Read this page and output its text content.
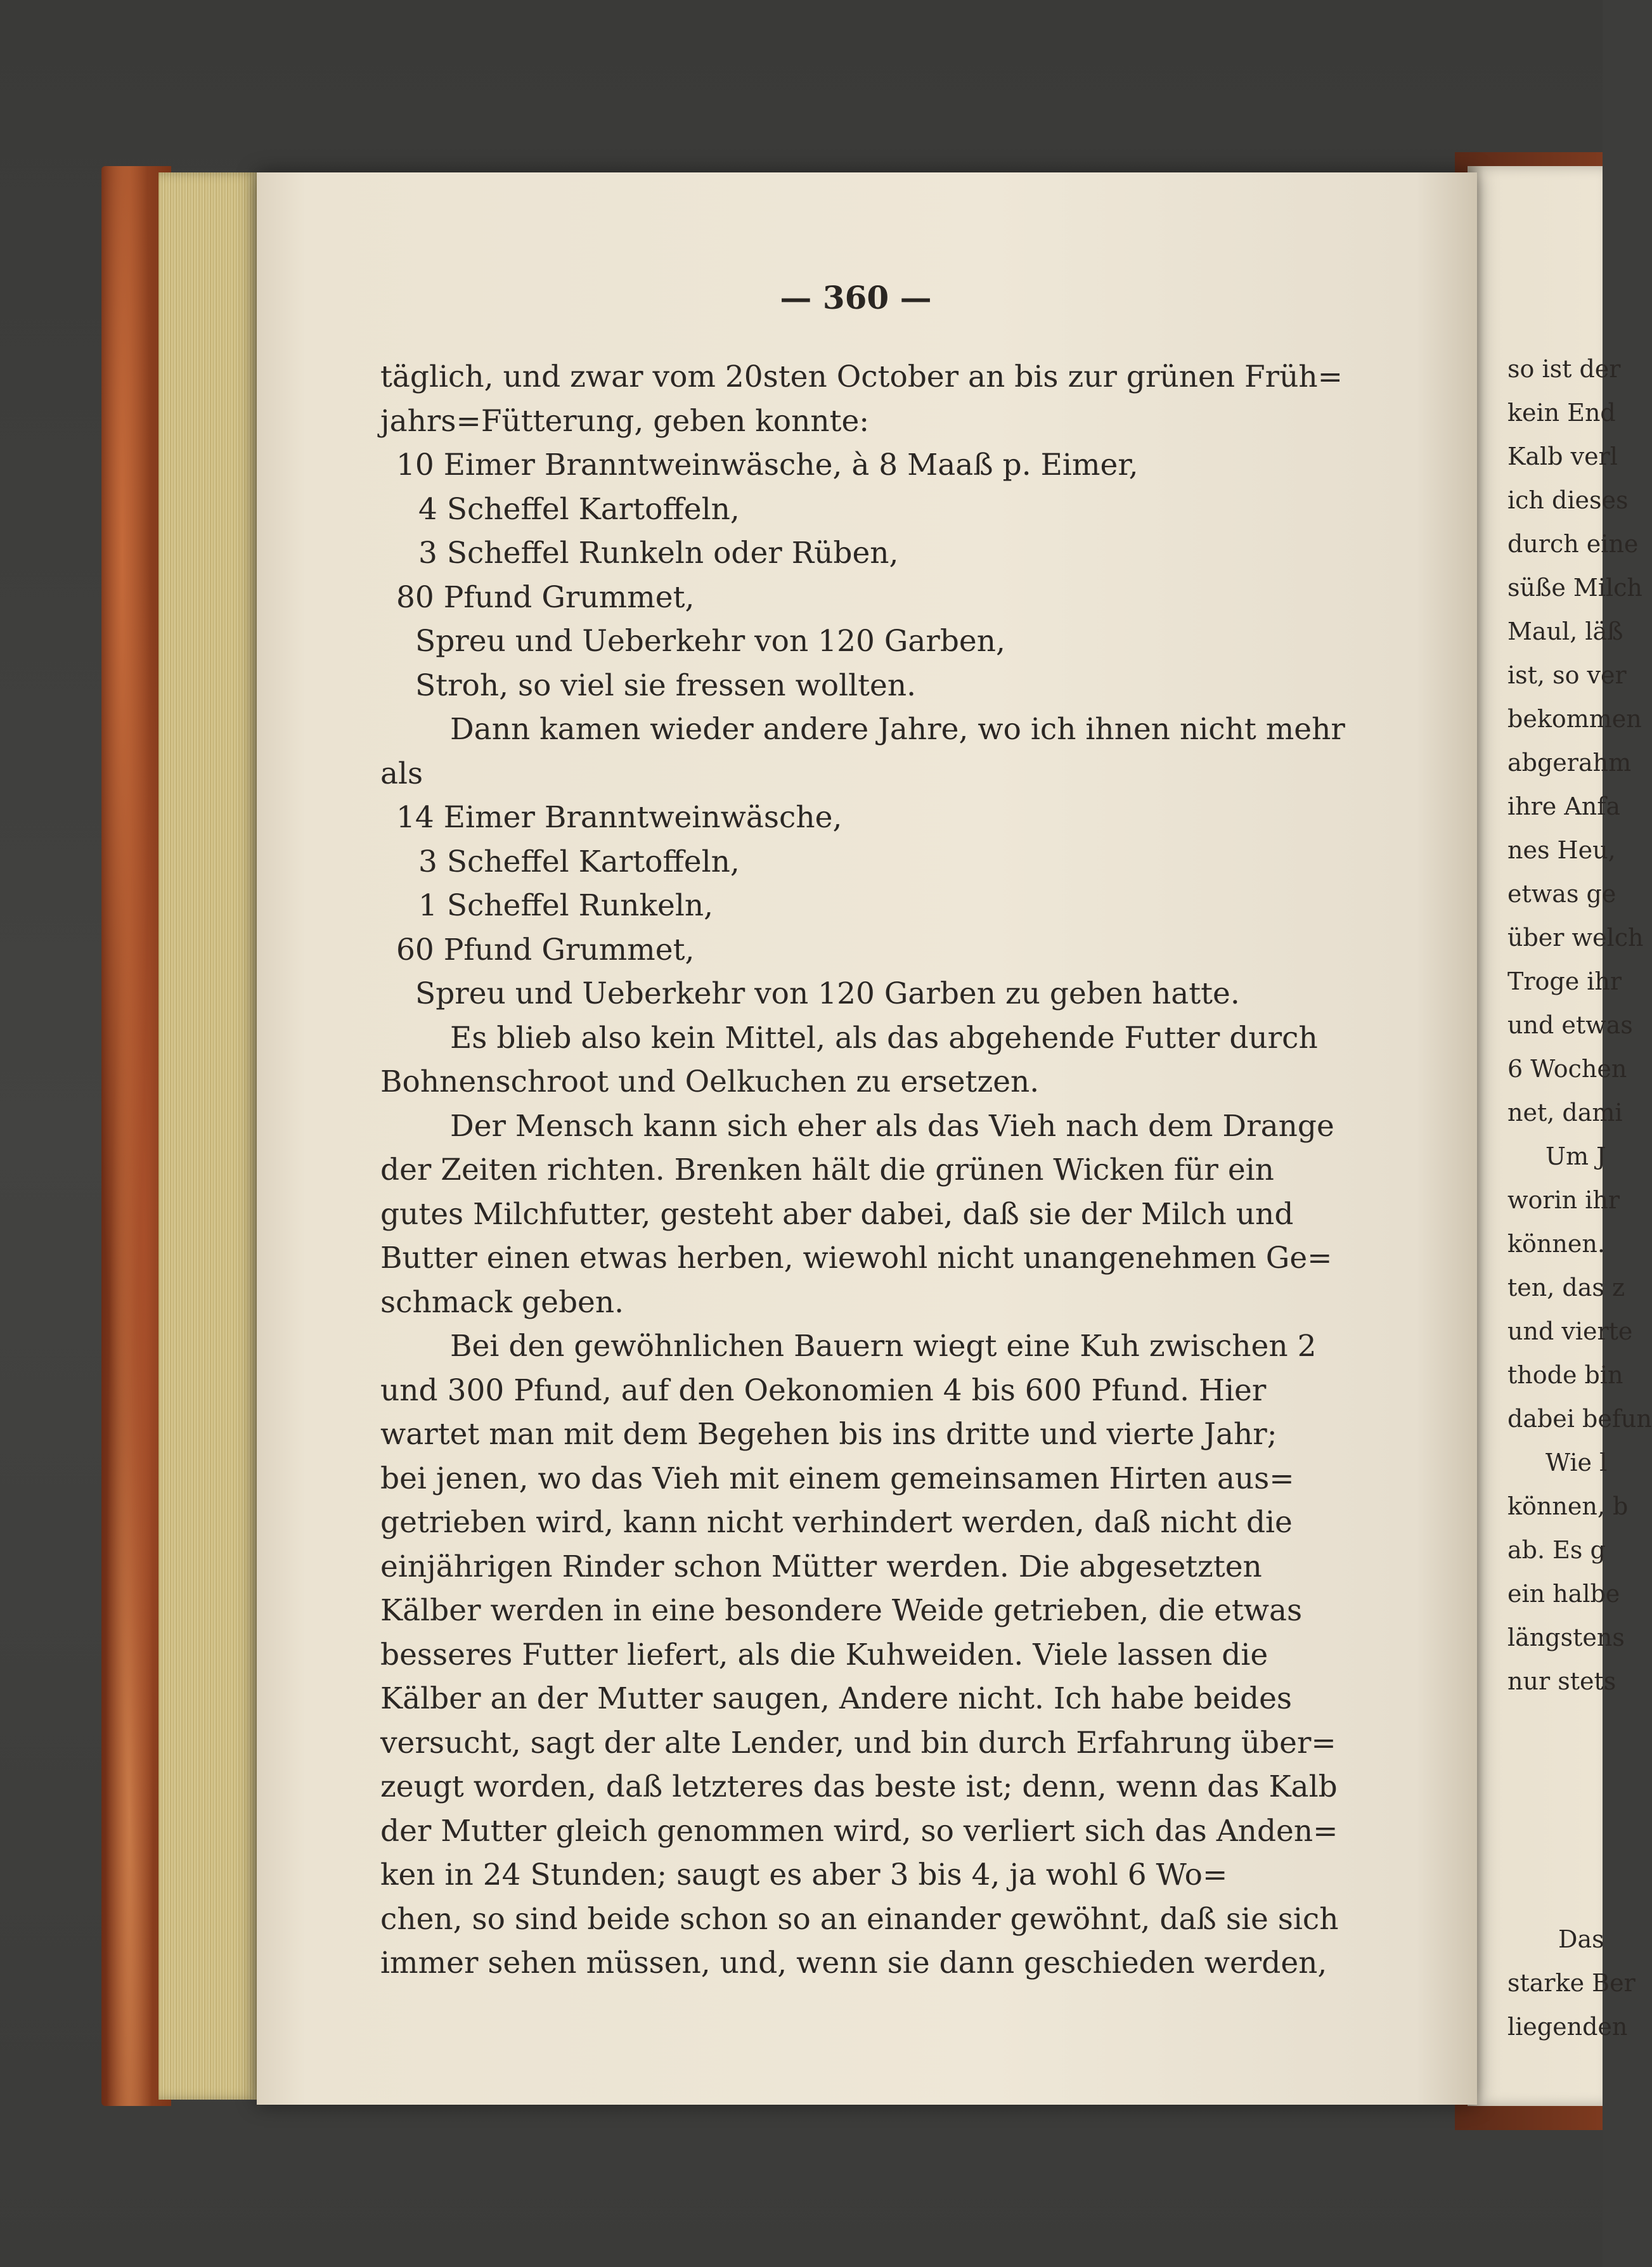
so ist der
kein End
Kalb verl
ich dieses
durch eine
süße Milch
Maul, läß
ist, so ver
bekommen
abgerahm
ihre Anfa
nes Heu,
etwas ge
über welch
Troge ihr
und etwas
6 Wochen
net, dami
Um J
worin ihr
können.
ten, das z
und vierte
thode bin
dabei befun
Wie l
können, b
ab. Es g
ein halbe
längstens
nur stets
Das
starke Ber
liegenden
— 360 —
täglich, und zwar vom 20sten October an bis zur grünen Früh=
jahrs=Fütterung, geben konnte:
10 Eimer Branntweinwäsche, à 8 Maaß p. Eimer,
4 Scheffel Kartoffeln,
3 Scheffel Runkeln oder Rüben,
80 Pfund Grummet,
Spreu und Ueberkehr von 120 Garben,
Stroh, so viel sie fressen wollten.
Dann kamen wieder andere Jahre, wo ich ihnen nicht mehr
als
14 Eimer Branntweinwäsche,
3 Scheffel Kartoffeln,
1 Scheffel Runkeln,
60 Pfund Grummet,
Spreu und Ueberkehr von 120 Garben zu geben hatte.
Es blieb also kein Mittel, als das abgehende Futter durch
Bohnenschroot und Oelkuchen zu ersetzen.
Der Mensch kann sich eher als das Vieh nach dem Drange
der Zeiten richten. Brenken hält die grünen Wicken für ein
gutes Milchfutter, gesteht aber dabei, daß sie der Milch und
Butter einen etwas herben, wiewohl nicht unangenehmen Ge=
schmack geben.
Bei den gewöhnlichen Bauern wiegt eine Kuh zwischen 2
und 300 Pfund, auf den Oekonomien 4 bis 600 Pfund. Hier
wartet man mit dem Begehen bis ins dritte und vierte Jahr;
bei jenen, wo das Vieh mit einem gemeinsamen Hirten aus=
getrieben wird, kann nicht verhindert werden, daß nicht die
einjährigen Rinder schon Mütter werden. Die abgesetzten
Kälber werden in eine besondere Weide getrieben, die etwas
besseres Futter liefert, als die Kuhweiden. Viele lassen die
Kälber an der Mutter saugen, Andere nicht. Ich habe beides
versucht, sagt der alte Lender, und bin durch Erfahrung über=
zeugt worden, daß letzteres das beste ist; denn, wenn das Kalb
der Mutter gleich genommen wird, so verliert sich das Anden=
ken in 24 Stunden; saugt es aber 3 bis 4, ja wohl 6 Wo=
chen, so sind beide schon so an einander gewöhnt, daß sie sich
immer sehen müssen, und, wenn sie dann geschieden werden,
